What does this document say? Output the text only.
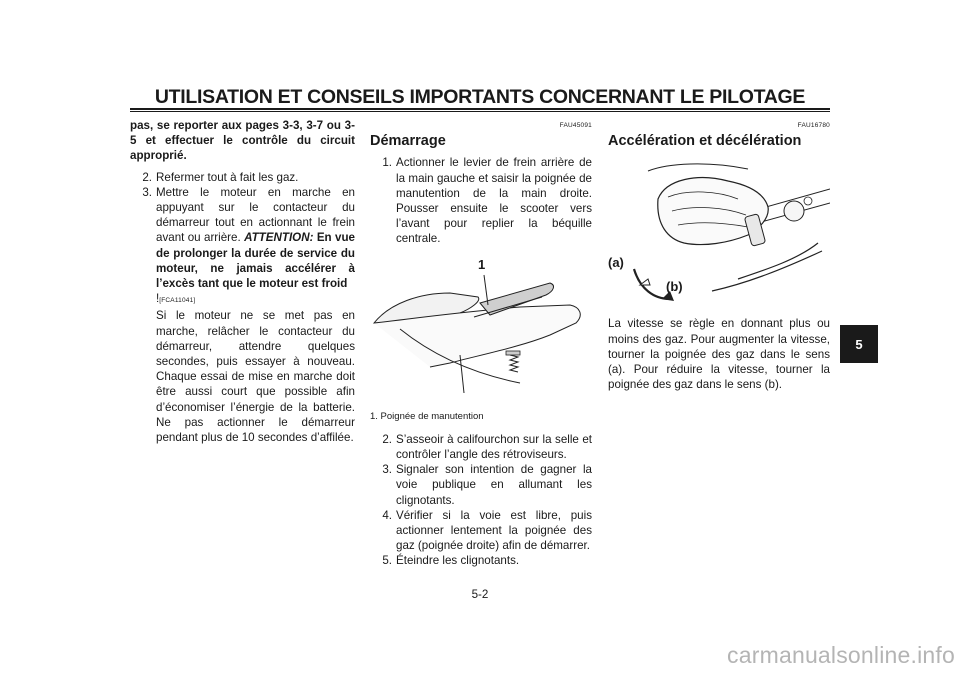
UTILISATION ET CONSEILS IMPORTANTS CONCERNANT LE PILOTAGE

pas, se reporter aux pages 3-3, 3-7 ou 3-5 et effectuer le contrôle du circuit approprié.

2. Refermer tout à fait les gaz.
3. Mettre le moteur en marche en appuyant sur le contacteur du démarreur tout en actionnant le frein avant ou arrière. ATTENTION: En vue de prolonger la durée de service du moteur, ne jamais accélérer à l’excès tant que le moteur est froid
![FCA11041]
Si le moteur ne se met pas en marche, relâcher le contacteur du démarreur, attendre quelques secondes, puis essayer à nouveau. Chaque essai de mise en marche doit être aussi court que possible afin d’économiser l’énergie de la batterie. Ne pas actionner le démarreur pendant plus de 10 secondes d’affilée.
FAU45091
Démarrage
1. Actionner le levier de frein arrière de la main gauche et saisir la poignée de manutention de la main droite. Pousser ensuite le scooter vers l’avant pour replier la béquille centrale.
1
1. Poignée de manutention
2. S’asseoir à califourchon sur la selle et contrôler l’angle des rétroviseurs.
3. Signaler son intention de gagner la voie publique en allumant les clignotants.
4. Vérifier si la voie est libre, puis actionner lentement la poignée des gaz (poignée droite) afin de démarrer.
5. Éteindre les clignotants.
FAU16780
Accélération et décélération
(a)
(b)

La vitesse se règle en donnant plus ou moins des gaz. Pour augmenter la vitesse, tourner la poignée des gaz dans le sens (a). Pour réduire la vitesse, tourner la poignée des gaz dans le sens (b).

5
5-2
carmanualsonline.info
